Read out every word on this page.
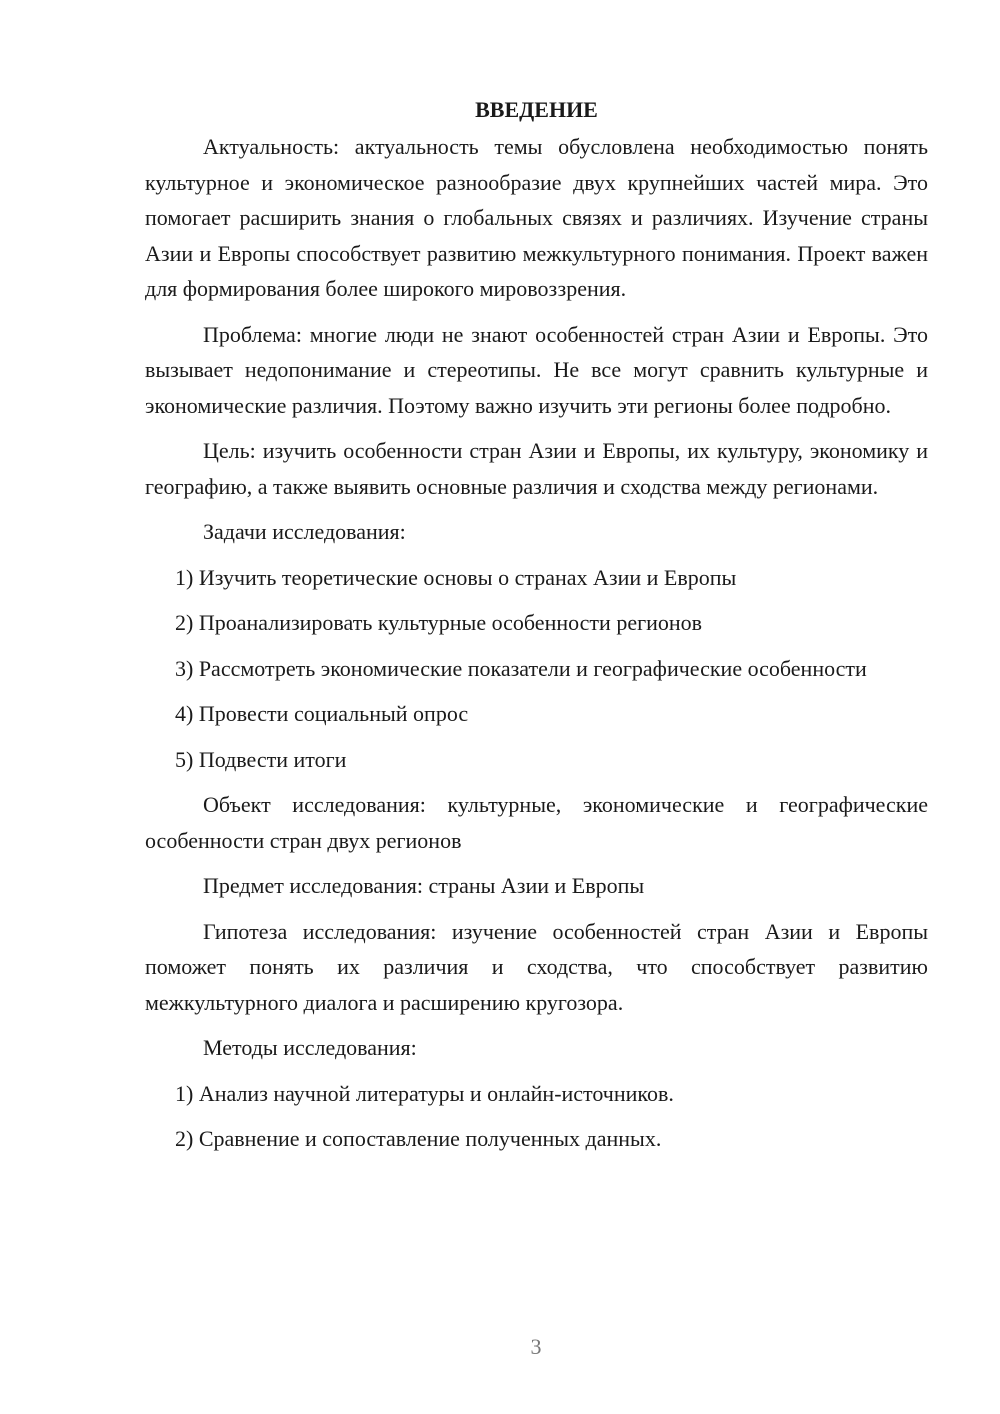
ВВЕДЕНИЕ

Актуальность: актуальность темы обусловлена необходимостью понять культурное и экономическое разнообразие двух крупнейших частей мира. Это помогает расширить знания о глобальных связях и различиях. Изучение страны Азии и Европы способствует развитию межкультурного понимания. Проект важен для формирования более широкого мировоззрения.

Проблема: многие люди не знают особенностей стран Азии и Европы. Это вызывает недопонимание и стереотипы. Не все могут сравнить культурные и экономические различия. Поэтому важно изучить эти регионы более подробно.

Цель: изучить особенности стран Азии и Европы, их культуру, экономику и географию, а также выявить основные различия и сходства между регионами.

Задачи исследования:

1) Изучить теоретические основы о странах Азии и Европы

2) Проанализировать культурные особенности регионов

3) Рассмотреть экономические показатели и географические особенности

4) Провести социальный опрос

5) Подвести итоги

Объект исследования: культурные, экономические и географические особенности стран двух регионов

Предмет исследования: страны Азии и Европы

Гипотеза исследования: изучение особенностей стран Азии и Европы поможет понять их различия и сходства, что способствует развитию межкультурного диалога и расширению кругозора.

Методы исследования:

1) Анализ научной литературы и онлайн-источников.

2) Сравнение и сопоставление полученных данных.

3
